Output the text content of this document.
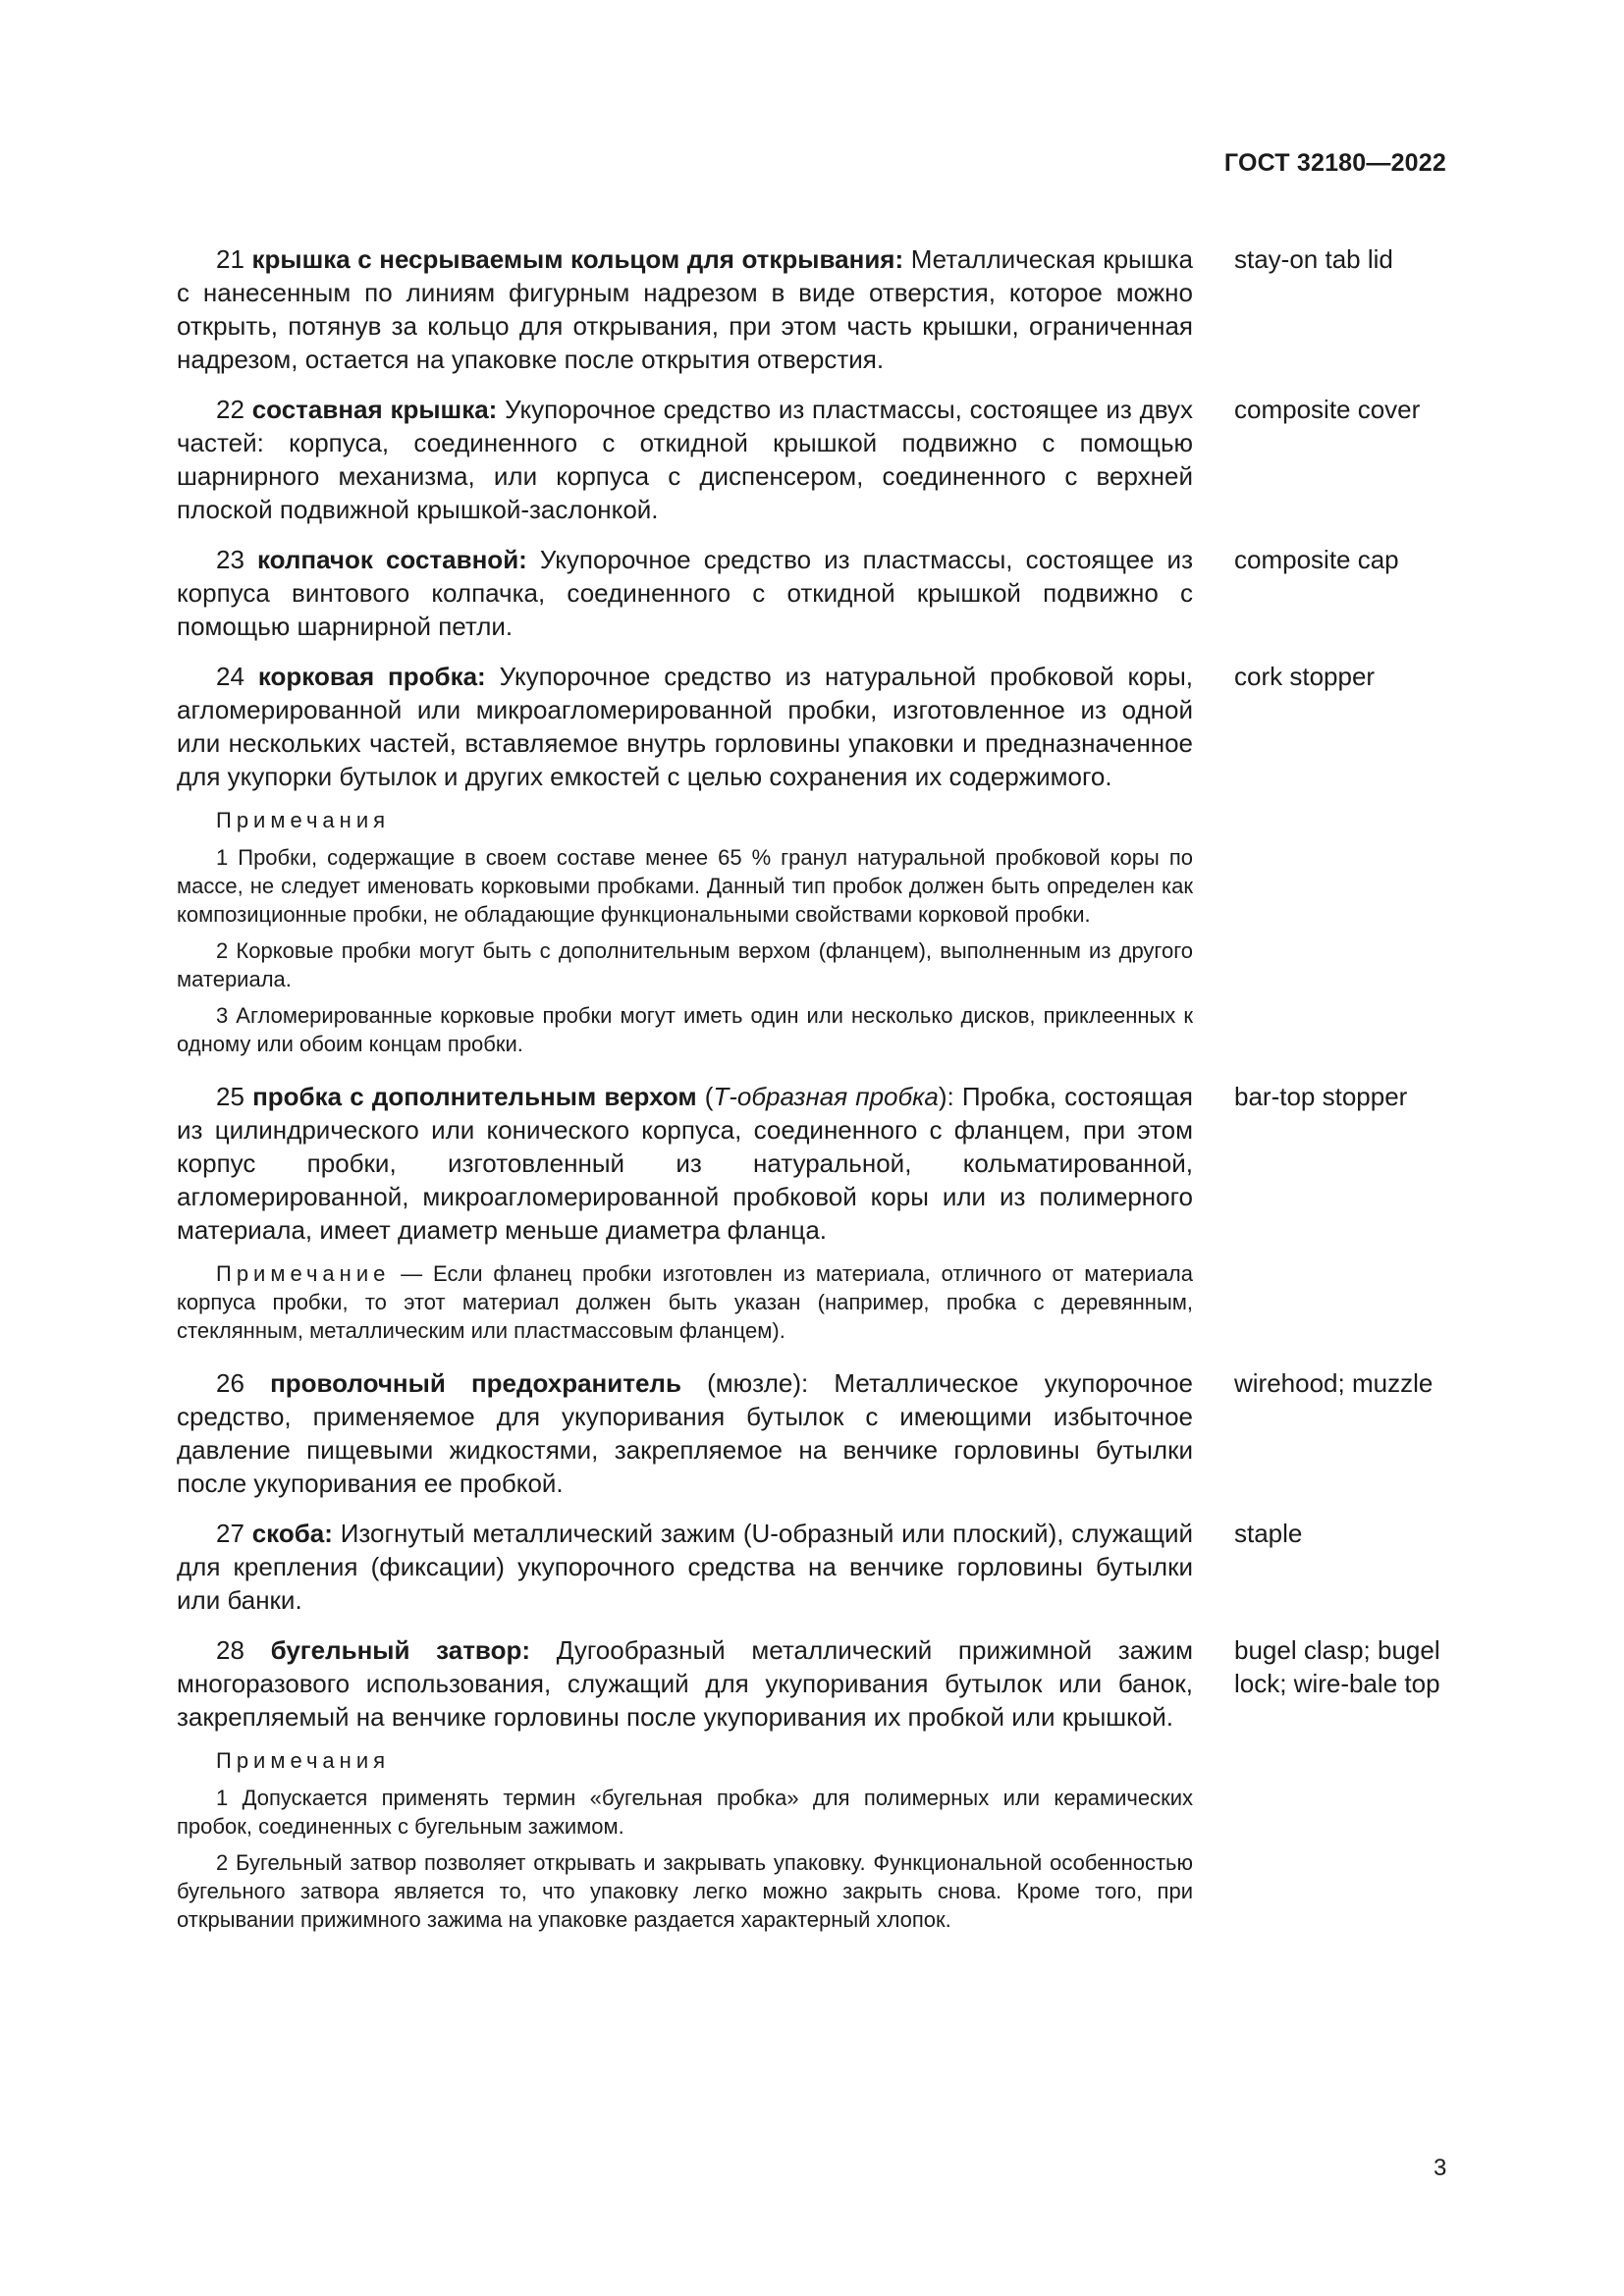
ГОСТ 32180—2022
21 крышка с несрываемым кольцом для открывания: Металлическая крышка с нанесенным по линиям фигурным надрезом в виде отверстия, которое можно открыть, потянув за кольцо для открывания, при этом часть крышки, ограниченная надрезом, остается на упаковке после открытия отверстия.
stay-on tab lid
22 составная крышка: Укупорочное средство из пластмассы, состоящее из двух частей: корпуса, соединенного с откидной крышкой подвижно с помощью шарнирного механизма, или корпуса с диспенсером, соединенного с верхней плоской подвижной крышкой-заслонкой.
composite cover
23 колпачок составной: Укупорочное средство из пластмассы, состоящее из корпуса винтового колпачка, соединенного с откидной крышкой подвижно с помощью шарнирной петли.
composite cap
24 корковая пробка: Укупорочное средство из натуральной пробковой коры, агломерированной или микроагломерированной пробки, изготовленное из одной или нескольких частей, вставляемое внутрь горловины упаковки и предназначенное для укупорки бутылок и других емкостей с целью сохранения их содержимого.
cork stopper
Примечания
1 Пробки, содержащие в своем составе менее 65 % гранул натуральной пробковой коры по массе, не следует именовать корковыми пробками. Данный тип пробок должен быть определен как композиционные пробки, не обладающие функциональными свойствами корковой пробки.
2 Корковые пробки могут быть с дополнительным верхом (фланцем), выполненным из другого материала.
3 Агломерированные корковые пробки могут иметь один или несколько дисков, приклеенных к одному или обоим концам пробки.
25 пробка с дополнительным верхом (Т-образная пробка): Пробка, состоящая из цилиндрического или конического корпуса, соединенного с фланцем, при этом корпус пробки, изготовленный из натуральной, кольматированной, агломерированной, микроагломерированной пробковой коры или из полимерного материала, имеет диаметр меньше диаметра фланца.
bar-top stopper
Примечание — Если фланец пробки изготовлен из материала, отличного от материала корпуса пробки, то этот материал должен быть указан (например, пробка с деревянным, стеклянным, металлическим или пластмассовым фланцем).
26 проволочный предохранитель (мюзле): Металлическое укупорочное средство, применяемое для укупоривания бутылок с имеющими избыточное давление пищевыми жидкостями, закрепляемое на венчике горловины бутылки после укупоривания ее пробкой.
wirehood; muzzle
27 скоба: Изогнутый металлический зажим (U-образный или плоский), служащий для крепления (фиксации) укупорочного средства на венчике горловины бутылки или банки.
staple
28 бугельный затвор: Дугообразный металлический прижимной зажим многоразового использования, служащий для укупоривания бутылок или банок, закрепляемый на венчике горловины после укупоривания их пробкой или крышкой.
bugel clasp; bugel lock; wire-bale top
Примечания
1 Допускается применять термин «бугельная пробка» для полимерных или керамических пробок, соединенных с бугельным зажимом.
2 Бугельный затвор позволяет открывать и закрывать упаковку. Функциональной особенностью бугельного затвора является то, что упаковку легко можно закрыть снова. Кроме того, при открывании прижимного зажима на упаковке раздается характерный хлопок.
3
